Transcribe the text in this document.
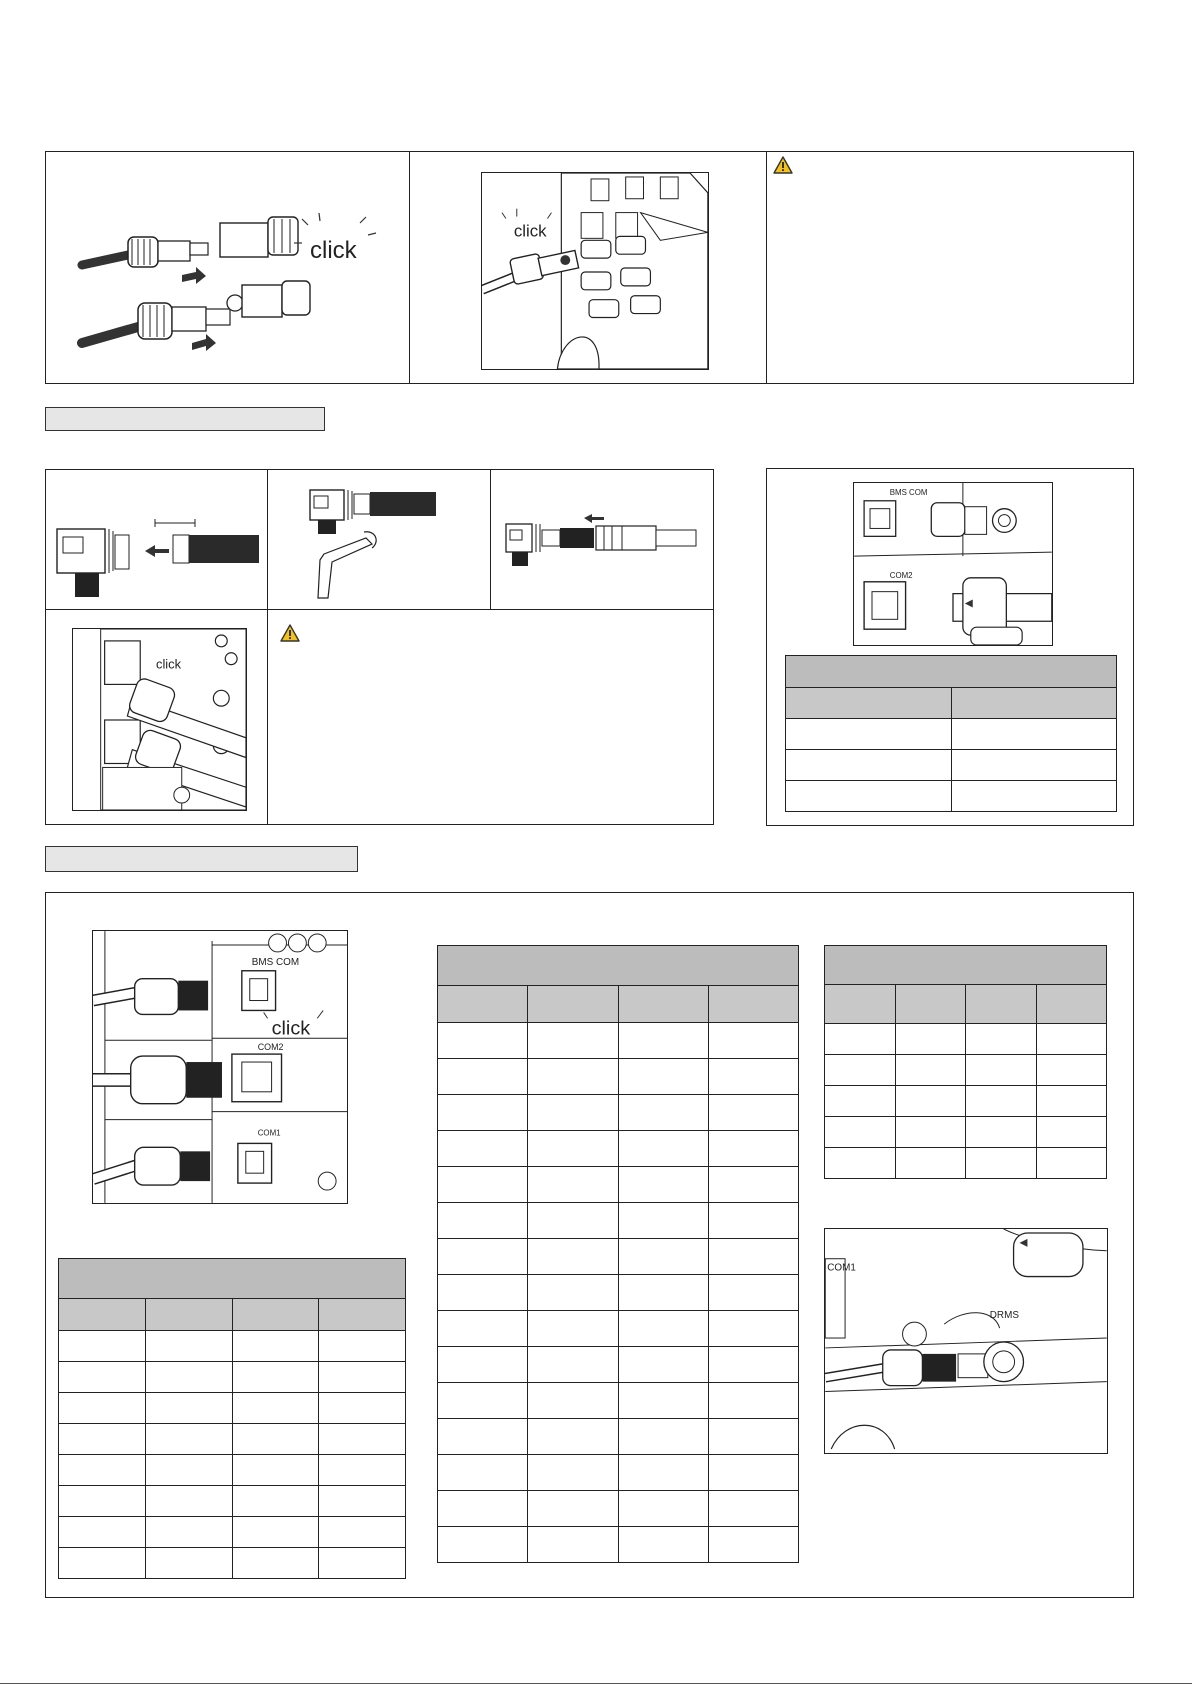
click
click
click
BMS COM
COM2

BMS COM
click
COM2
COM1

COM1
DRMS
